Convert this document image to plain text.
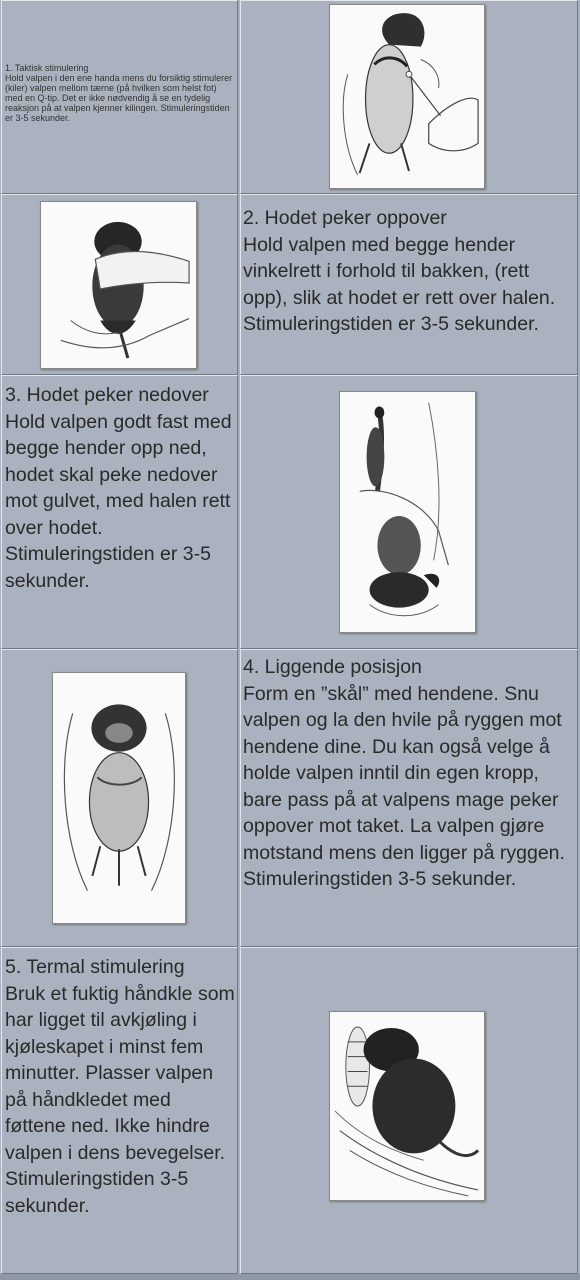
1. Taktisk stimulering
Hold valpen i den ene handa mens du forsiktig stimulerer (kiler) valpen mellom tærne (på hvilken som helst fot) med en Q-tip. Det er ikke nødvendig å se en tydelig reaksjon på at valpen kjenner kilingen. Stimuleringstiden er 3-5 sekunder.
2. Hodet peker oppover
Hold valpen med begge hender vinkelrett i forhold til bakken, (rett opp), slik at hodet er rett over halen. Stimuleringstiden er 3-5 sekunder.
3. Hodet peker nedover
Hold valpen godt fast med begge hender opp ned, hodet skal peke nedover mot gulvet, med halen rett over hodet. Stimuleringstiden er 3-5 sekunder.
4. Liggende posisjon
Form en ”skål” med hendene. Snu valpen og la den hvile på ryggen mot hendene dine. Du kan også velge å holde valpen inntil din egen kropp, bare pass på at valpens mage peker oppover mot taket. La valpen gjøre motstand mens den ligger på ryggen. Stimuleringstiden 3-5 sekunder.
5. Termal stimulering
Bruk et fuktig håndkle som har ligget til avkjøling i kjøleskapet i minst fem minutter. Plasser valpen på håndkledet med føttene ned. Ikke hindre valpen i dens bevegelser. Stimuleringstiden 3-5 sekunder.
